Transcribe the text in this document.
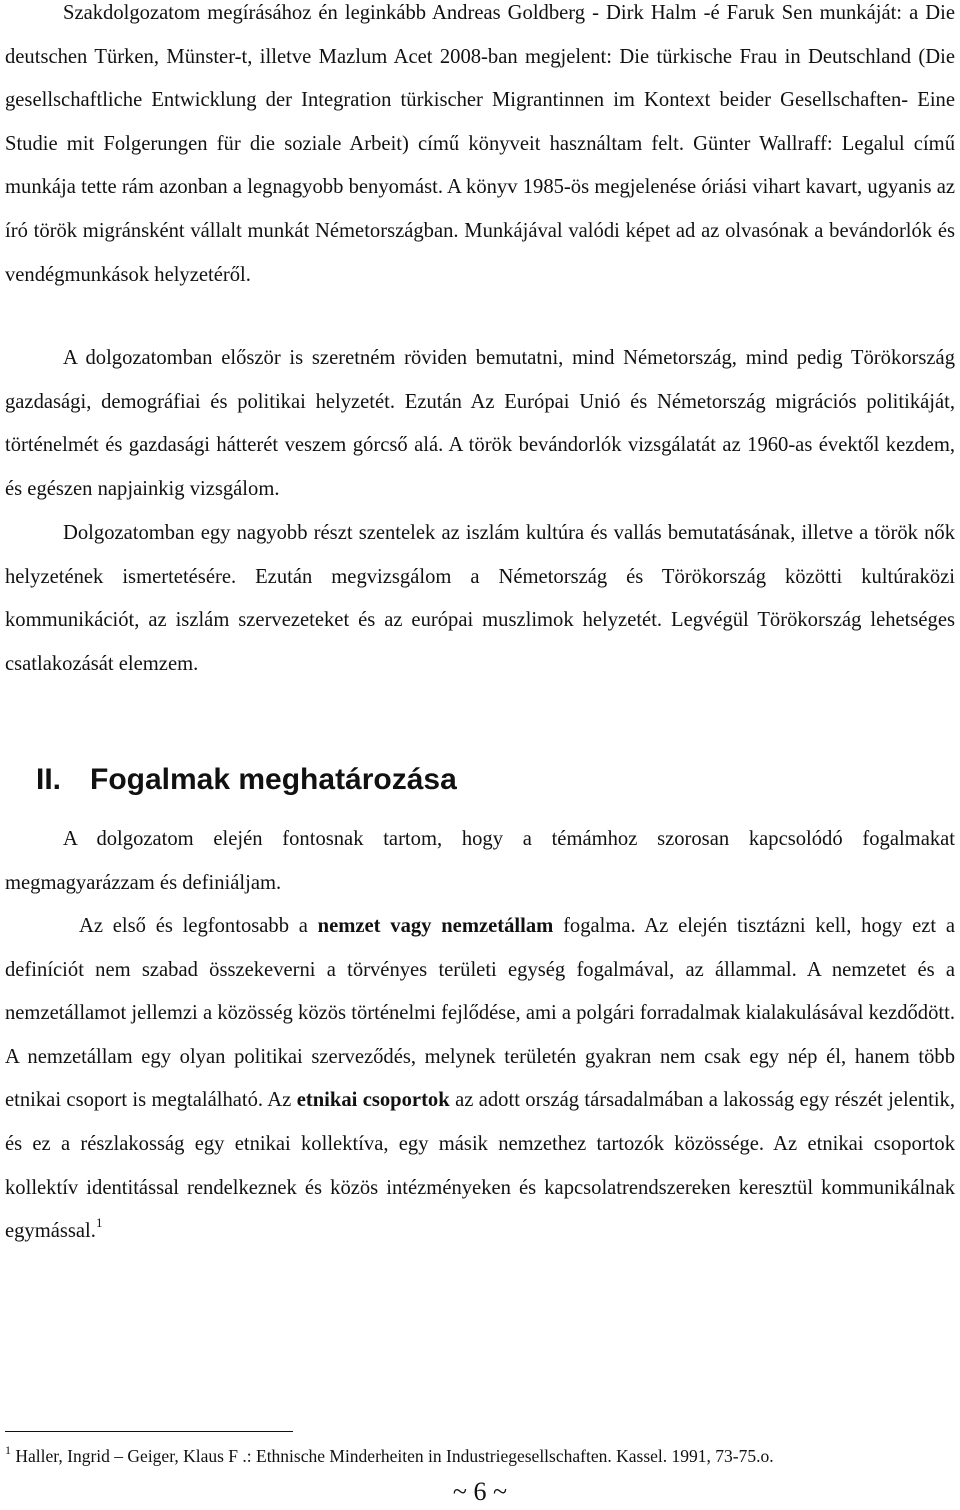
Szakdolgozatom megírásához én leginkább Andreas Goldberg - Dirk Halm -é Faruk Sen munkáját: a Die deutschen Türken, Münster-t, illetve Mazlum Acet 2008-ban megjelent: Die türkische Frau in Deutschland (Die gesellschaftliche Entwicklung der Integration türkischer Migrantinnen im Kontext beider Gesellschaften- Eine Studie mit Folgerungen für die soziale Arbeit) című könyveit használtam felt. Günter Wallraff: Legalul című munkája tette rám azonban a legnagyobb benyomást. A könyv 1985-ös megjelenése óriási vihart kavart, ugyanis az író török migránsként vállalt munkát Németországban. Munkájával valódi képet ad az olvasónak a bevándorlók és vendégmunkások helyzetéről.

A dolgozatomban először is szeretném röviden bemutatni, mind Németország, mind pedig Törökország gazdasági, demográfiai és politikai helyzetét. Ezután Az Európai Unió és Németország migrációs politikáját, történelmét és gazdasági hátterét veszem górcső alá. A török bevándorlók vizsgálatát az 1960-as évektől kezdem, és egészen napjainkig vizsgálom.

Dolgozatomban egy nagyobb részt szentelek az iszlám kultúra és vallás bemutatásának, illetve a török nők helyzetének ismertetésére. Ezután megvizsgálom a Németország és Törökország közötti kultúraközi kommunikációt, az iszlám szervezeteket és az európai muszlimok helyzetét. Legvégül Törökország lehetséges csatlakozását elemzem.

II. Fogalmak meghatározása

A dolgozatom elején fontosnak tartom, hogy a témámhoz szorosan kapcsolódó fogalmakat megmagyarázzam és definiáljam.

Az első és legfontosabb a nemzet vagy nemzetállam fogalma. Az elején tisztázni kell, hogy ezt a definíciót nem szabad összekeverni a törvényes területi egység fogalmával, az állammal. A nemzetet és a nemzetállamot jellemzi a közösség közös történelmi fejlődése, ami a polgári forradalmak kialakulásával kezdődött. A nemzetállam egy olyan politikai szerveződés, melynek területén gyakran nem csak egy nép él, hanem több etnikai csoport is megtalálható. Az etnikai csoportok az adott ország társadalmában a lakosság egy részét jelentik, és ez a részlakosság egy etnikai kollektíva, egy másik nemzethez tartozók közössége. Az etnikai csoportok kollektív identitással rendelkeznek és közös intézményeken és kapcsolatrendszereken keresztül kommunikálnak egymással.$^1$

$^1$ Haller, Ingrid – Geiger, Klaus F .: Ethnische Minderheiten in Industriegesellschaften. Kassel. 1991, 73-75.o.

~ 6 ~
